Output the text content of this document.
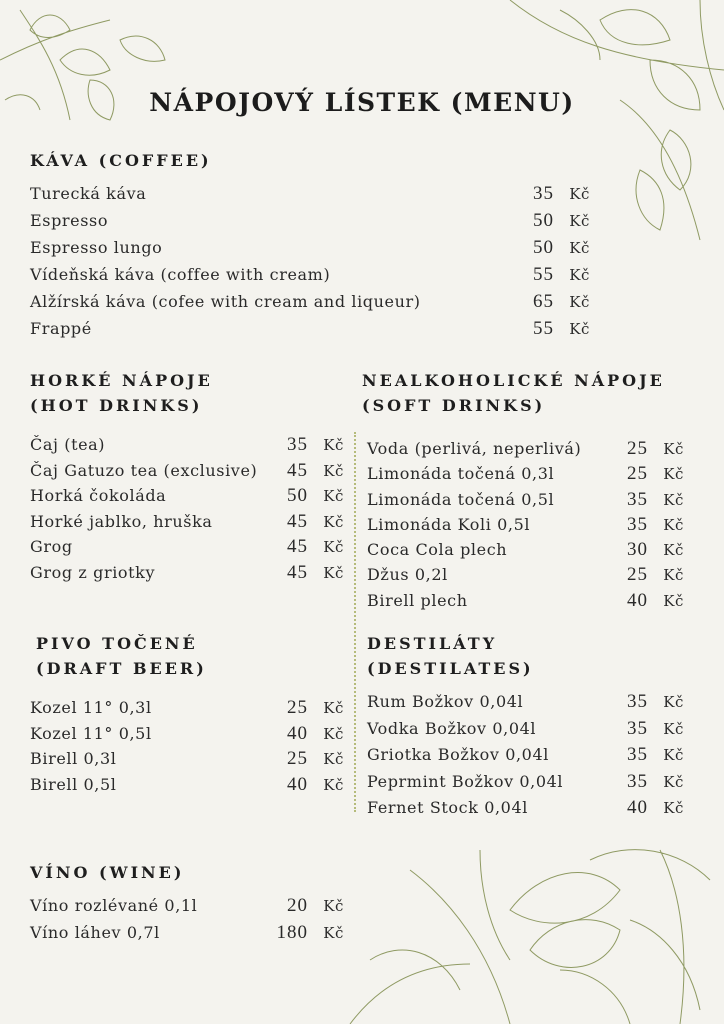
NÁPOJOVÝ LÍSTEK (MENU)
KÁVA (COFFEE)
Turecká káva	35	Kč
Espresso	50	Kč
Espresso lungo	50	Kč
Vídeňská káva (coffee with cream)	55	Kč
Alžírská káva (cofee with cream and liqueur)	65	Kč
Frappé	55	Kč
HORKÉ NÁPOJE
(HOT DRINKS)
Čaj (tea)	35	Kč
Čaj Gatuzo tea (exclusive)	45	Kč
Horká čokoláda	50	Kč
Horké jablko, hruška	45	Kč
Grog	45	Kč
Grog z griotky	45	Kč
NEALKOHOLICKÉ NÁPOJE
(SOFT DRINKS)
Voda (perlivá, neperlivá)	25	Kč
Limonáda točená 0,3l	25	Kč
Limonáda točená 0,5l	35	Kč
Limonáda Koli 0,5l	35	Kč
Coca Cola plech	30	Kč
Džus 0,2l	25	Kč
Birell plech	40	Kč
PIVO TOČENÉ
(DRAFT BEER)
Kozel 11° 0,3l	25	Kč
Kozel 11° 0,5l	40	Kč
Birell 0,3l	25	Kč
Birell 0,5l	40	Kč
DESTILÁTY
(DESTILATES)
Rum Božkov 0,04l	35	Kč
Vodka Božkov 0,04l	35	Kč
Griotka Božkov 0,04l	35	Kč
Peprmint Božkov 0,04l	35	Kč
Fernet Stock 0,04l	40	Kč
VÍNO (WINE)
Víno rozlévané 0,1l	20	Kč
Víno láhev 0,7l	180	Kč
